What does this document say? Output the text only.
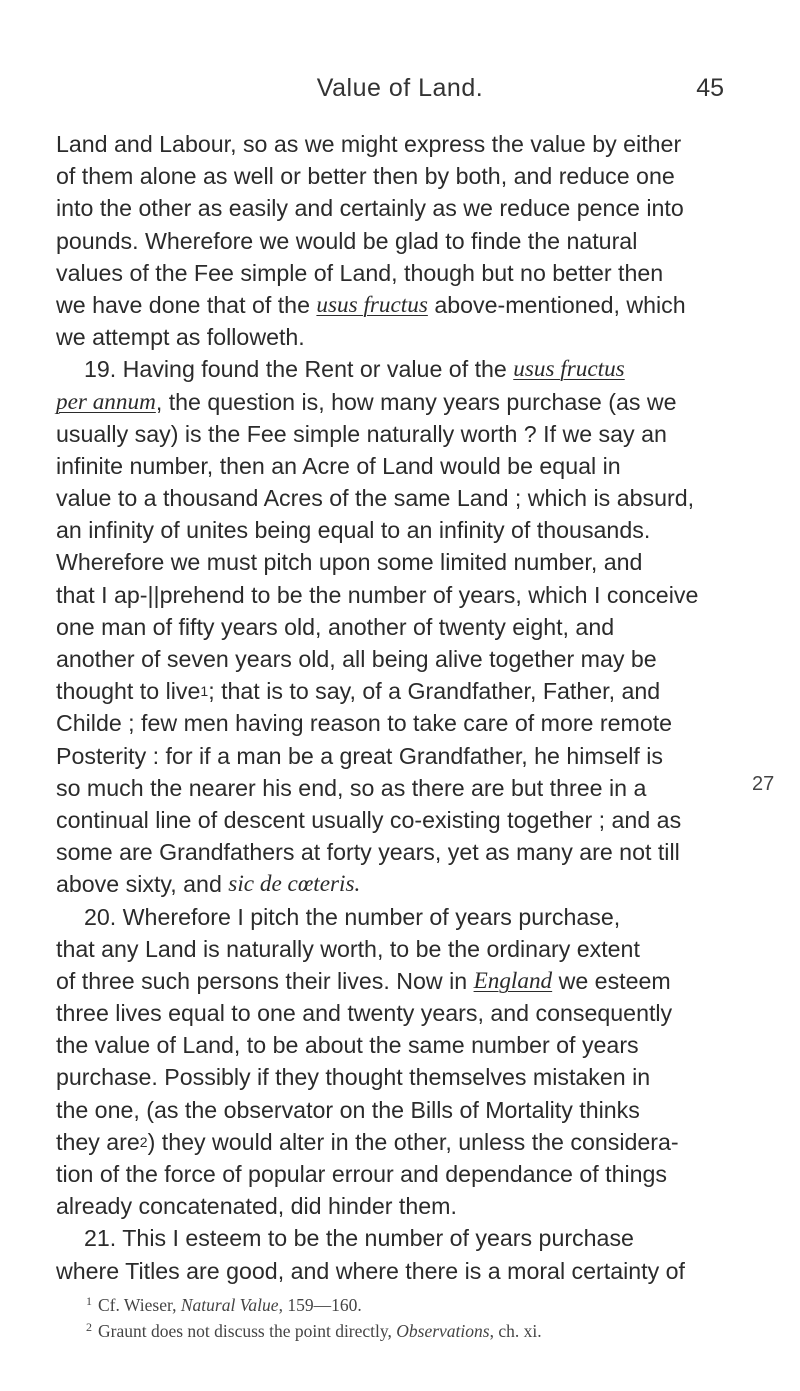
Value of Land.	45
27
Land and Labour, so as we might express the value by either
of them alone as well or better then by both, and reduce one
into the other as easily and certainly as we reduce pence into
pounds. Wherefore we would be glad to finde the natural
values of the Fee simple of Land, though but no better then
we have done that of the usus fructus above-mentioned, which
we attempt as followeth.
19. Having found the Rent or value of the usus fructus
per annum , the question is, how many years purchase (as we
usually say) is the Fee simple naturally worth ? If we say an
infinite number, then an Acre of Land would be equal in
value to a thousand Acres of the same Land ; which is absurd,
an infinity of unites being equal to an infinity of thousands.
Wherefore we must pitch upon some limited number, and
that I ap-||prehend to be the number of years, which I conceive
one man of fifty years old, another of twenty eight, and
another of seven years old, all being alive together may be
thought to live 1 ; that is to say, of a Grandfather, Father, and
Childe ; few men having reason to take care of more remote
Posterity : for if a man be a great Grandfather, he himself is
so much the nearer his end, so as there are but three in a
continual line of descent usually co-existing together ; and as
some are Grandfathers at forty years, yet as many are not till
above sixty, and sic de cœteris.
20. Wherefore I pitch the number of years purchase,
that any Land is naturally worth, to be the ordinary extent
of three such persons their lives. Now in England we esteem
three lives equal to one and twenty years, and consequently
the value of Land, to be about the same number of years
purchase. Possibly if they thought themselves mistaken in
the one, (as the observator on the Bills of Mortality thinks
they are 2 ) they would alter in the other, unless the considera-
tion of the force of popular errour and dependance of things
already concatenated, did hinder them.
21. This I esteem to be the number of years purchase
where Titles are good, and where there is a moral certainty of
$^1$ Cf. Wieser, Natural Value, 159—160.
$^2$ Graunt does not discuss the point directly, Observations, ch. xi.
